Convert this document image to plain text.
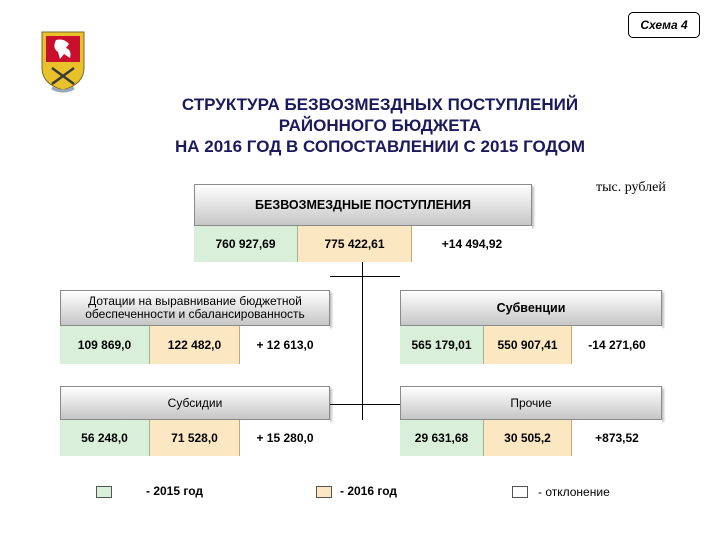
Схема 4
СТРУКТУРА БЕЗВОЗМЕЗДНЫХ ПОСТУПЛЕНИЙ
РАЙОННОГО БЮДЖЕТА
НА 2016 ГОД В СОПОСТАВЛЕНИИ С 2015 ГОДОМ
тыс. рублей
БЕЗВОЗМЕЗДНЫЕ ПОСТУПЛЕНИЯ
760 927,69	775 422,61	+14 494,92
Дотации на выравнивание бюджетной обеспеченности и сбалансированность
109 869,0	122 482,0	+ 12 613,0
Субвенции
565 179,01	550 907,41	-14 271,60
Субсидии
56 248,0	71 528,0	+ 15 280,0
Прочие
29 631,68	30 505,2	+873,52
- 2015 год	- 2016 год	- отклонение
